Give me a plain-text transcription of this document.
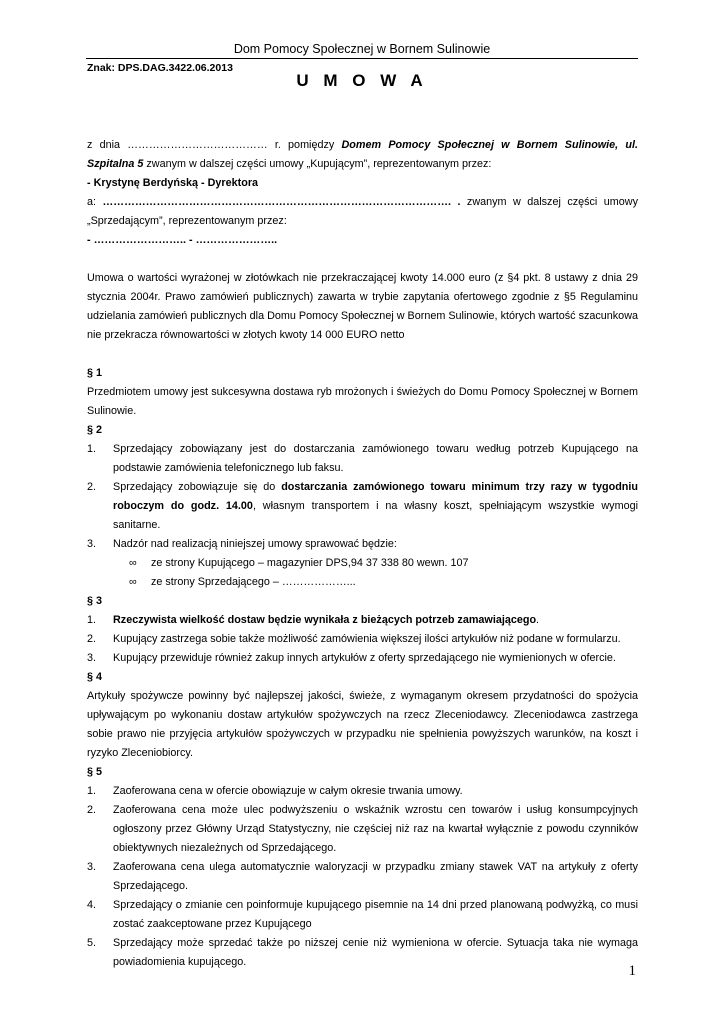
Dom Pomocy Społecznej w Bornem Sulinowie
Znak: DPS.DAG.3422.06.2013
U M O W A

z dnia ………………………………… r. pomiędzy Domem Pomocy Społecznej w Bornem Sulinowie, ul. Szpitalna 5 zwanym w dalszej części umowy „Kupującym”, reprezentowanym przez:

- Krystynę Berdyńską - Dyrektora

a: ……………………………………………………………………………………. . zwanym w dalszej części umowy „Sprzedającym”, reprezentowanym przez:

- …………………….. - …………………..

Umowa o wartości wyrażonej w złotówkach nie przekraczającej kwoty 14.000 euro (z §4 pkt. 8 ustawy z dnia 29 stycznia 2004r. Prawo zamówień publicznych) zawarta w trybie zapytania ofertowego zgodnie z §5 Regulaminu udzielania zamówień publicznych dla Domu Pomocy Społecznej w Bornem Sulinowie, których wartość szacunkowa nie przekracza równowartości w złotych kwoty 14 000 EURO netto

§ 1

Przedmiotem umowy jest sukcesywna dostawa ryb mrożonych i świeżych do Domu Pomocy Społecznej w Bornem Sulinowie.

§ 2

1.	Sprzedający zobowiązany jest do dostarczania zamówionego towaru według potrzeb Kupującego na podstawie zamówienia telefonicznego lub faksu.
2.	Sprzedający zobowiązuje się do dostarczania zamówionego towaru minimum trzy razy w tygodniu roboczym do godz. 14.00, własnym transportem i na własny koszt, spełniającym wszystkie wymogi sanitarne.
3.	Nadzór nad realizacją niniejszej umowy sprawować będzie:
∞	ze strony Kupującego – magazynier DPS,94 37 338 80 wewn. 107
∞	ze strony Sprzedającego – ………………...

§ 3

1.	Rzeczywista wielkość dostaw będzie wynikała z bieżących potrzeb zamawiającego.
2.	Kupujący zastrzega sobie także możliwość zamówienia większej ilości artykułów niż podane w formularzu.
3.	Kupujący przewiduje również zakup innych artykułów z oferty sprzedającego nie wymienionych w ofercie.

§ 4

Artykuły spożywcze powinny być najlepszej jakości, świeże, z wymaganym okresem przydatności do spożycia upływającym po wykonaniu dostaw artykułów spożywczych na rzecz Zleceniodawcy. Zleceniodawca zastrzega sobie prawo nie przyjęcia artykułów spożywczych w przypadku nie spełnienia powyższych warunków, na koszt i ryzyko Zleceniobiorcy.

§ 5

1.	Zaoferowana cena w ofercie obowiązuje w całym okresie trwania umowy.
2.	Zaoferowana cena może ulec podwyższeniu o wskaźnik wzrostu cen towarów i usług konsumpcyjnych ogłoszony przez Główny Urząd Statystyczny, nie częściej niż raz na kwartał wyłącznie z powodu czynników obiektywnych niezależnych od Sprzedającego.
3.	Zaoferowana cena ulega automatycznie waloryzacji w przypadku zmiany stawek VAT na artykuły z oferty Sprzedającego.
4.	Sprzedający o zmianie cen poinformuje kupującego pisemnie na 14 dni przed planowaną podwyżką, co musi zostać zaakceptowane przez Kupującego
5.	Sprzedający może sprzedać także po niższej cenie niż wymieniona w ofercie. Sytuacja taka nie wymaga powiadomienia kupującego.
1
